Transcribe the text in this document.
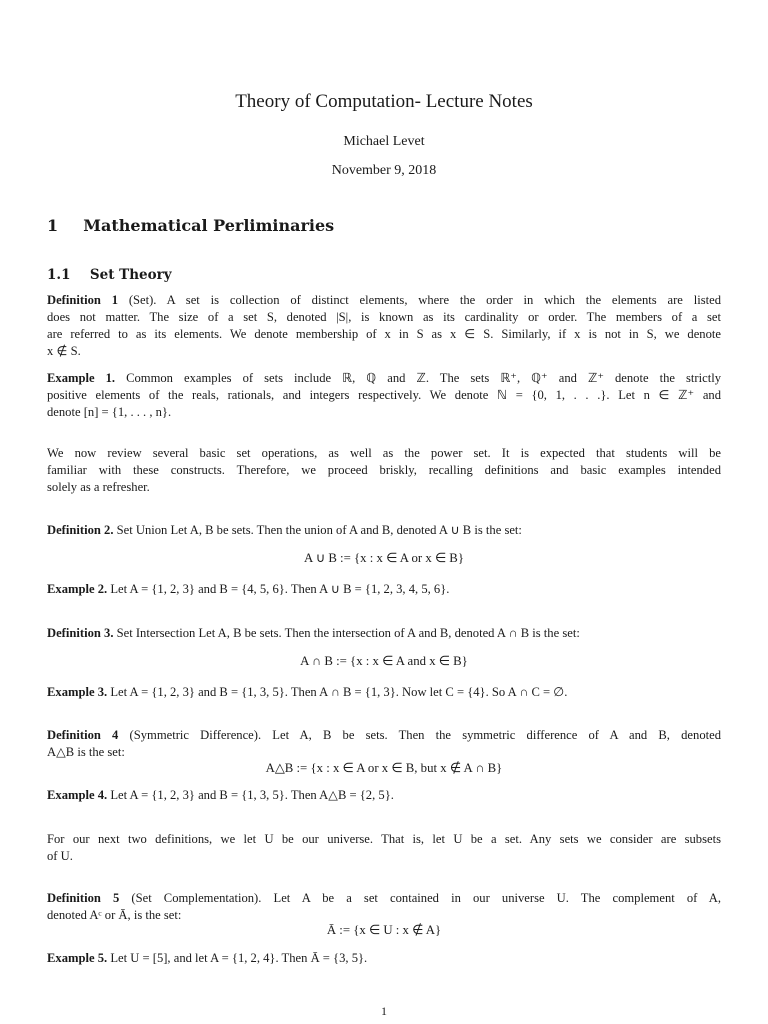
Theory of Computation- Lecture Notes
Michael Levet
November 9, 2018
1 Mathematical Perliminaries
1.1 Set Theory
Definition 1 (Set). A set is collection of distinct elements, where the order in which the elements are listed
does not matter. The size of a set S, denoted |S|, is known as its cardinality or order. The members of a set
are referred to as its elements. We denote membership of x in S as x ∈ S. Similarly, if x is not in S, we denote
x ∉ S.
Example 1. Common examples of sets include ℝ, ℚ and ℤ. The sets ℝ⁺, ℚ⁺ and ℤ⁺ denote the strictly
positive elements of the reals, rationals, and integers respectively. We denote ℕ = {0, 1, . . .}. Let n ∈ ℤ⁺ and
denote [n] = {1, . . . , n}.
We now review several basic set operations, as well as the power set. It is expected that students will be
familiar with these constructs. Therefore, we proceed briskly, recalling definitions and basic examples intended
solely as a refresher.
Definition 2. Set Union Let A, B be sets. Then the union of A and B, denoted A ∪ B is the set:
A ∪ B := {x : x ∈ A or x ∈ B}
Example 2. Let A = {1, 2, 3} and B = {4, 5, 6}. Then A ∪ B = {1, 2, 3, 4, 5, 6}.
Definition 3. Set Intersection Let A, B be sets. Then the intersection of A and B, denoted A ∩ B is the set:
A ∩ B := {x : x ∈ A and x ∈ B}
Example 3. Let A = {1, 2, 3} and B = {1, 3, 5}. Then A ∩ B = {1, 3}. Now let C = {4}. So A ∩ C = ∅.
Definition 4 (Symmetric Difference). Let A, B be sets. Then the symmetric difference of A and B, denoted
A△B is the set:
A△B := {x : x ∈ A or x ∈ B, but x ∉ A ∩ B}
Example 4. Let A = {1, 2, 3} and B = {1, 3, 5}. Then A△B = {2, 5}.
For our next two definitions, we let U be our universe. That is, let U be a set. Any sets we consider are subsets
of U.
Definition 5 (Set Complementation). Let A be a set contained in our universe U. The complement of A,
denoted Aᶜ or Ā, is the set:
Ā := {x ∈ U : x ∉ A}
Example 5. Let U = [5], and let A = {1, 2, 4}. Then Ā = {3, 5}.
1
